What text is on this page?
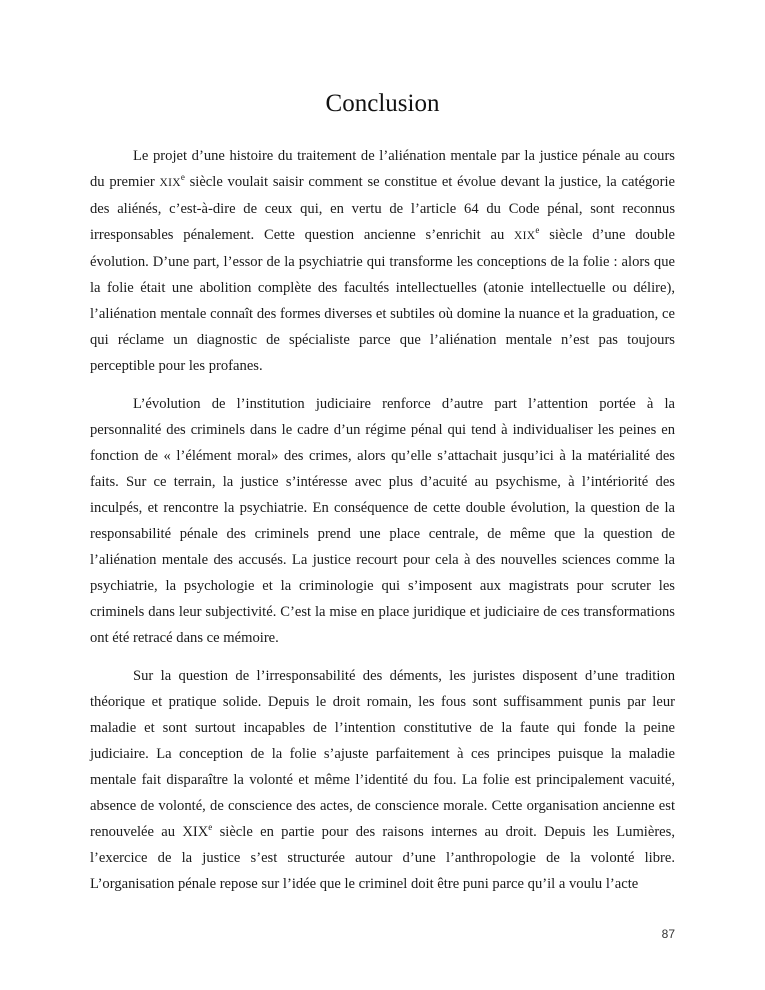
Conclusion

Le projet d’une histoire du traitement de l’aliénation mentale par la justice pénale au cours du premier XIXe siècle voulait saisir comment se constitue et évolue devant la justice, la catégorie des aliénés, c’est-à-dire de ceux qui, en vertu de l’article 64 du Code pénal, sont reconnus irresponsables pénalement. Cette question ancienne s’enrichit au XIXe siècle d’une double évolution. D’une part, l’essor de la psychiatrie qui transforme les conceptions de la folie : alors que la folie était une abolition complète des facultés intellectuelles (atonie intellectuelle ou délire), l’aliénation mentale connaît des formes diverses et subtiles où domine la nuance et la graduation, ce qui réclame un diagnostic de spécialiste parce que l’aliénation mentale n’est pas toujours perceptible pour les profanes.

L’évolution de l’institution judiciaire renforce d’autre part l’attention portée à la personnalité des criminels dans le cadre d’un régime pénal qui tend à individualiser les peines en fonction de « l’élément moral» des crimes, alors qu’elle s’attachait jusqu’ici à la matérialité des faits. Sur ce terrain, la justice s’intéresse avec plus d’acuité au psychisme, à l’intériorité des inculpés, et rencontre la psychiatrie. En conséquence de cette double évolution, la question de la responsabilité pénale des criminels prend une place centrale, de même que la question de l’aliénation mentale des accusés. La justice recourt pour cela à des nouvelles sciences comme la psychiatrie, la psychologie et la criminologie qui s’imposent aux magistrats pour scruter les criminels dans leur subjectivité. C’est la mise en place juridique et judiciaire de ces transformations ont été retracé dans ce mémoire.

Sur la question de l’irresponsabilité des déments, les juristes disposent d’une tradition théorique et pratique solide. Depuis le droit romain, les fous sont suffisamment punis par leur maladie et sont surtout incapables de l’intention constitutive de la faute qui fonde la peine judiciaire. La conception de la folie s’ajuste parfaitement à ces principes puisque la maladie mentale fait disparaître la volonté et même l’identité du fou. La folie est principalement vacuité, absence de volonté, de conscience des actes, de conscience morale. Cette organisation ancienne est renouvelée au XIXe siècle en partie pour des raisons internes au droit. Depuis les Lumières, l’exercice de la justice s’est structurée autour d’une l’anthropologie de la volonté libre. L’organisation pénale repose sur l’idée que le criminel doit être puni parce qu’il a voulu l’acte

87
